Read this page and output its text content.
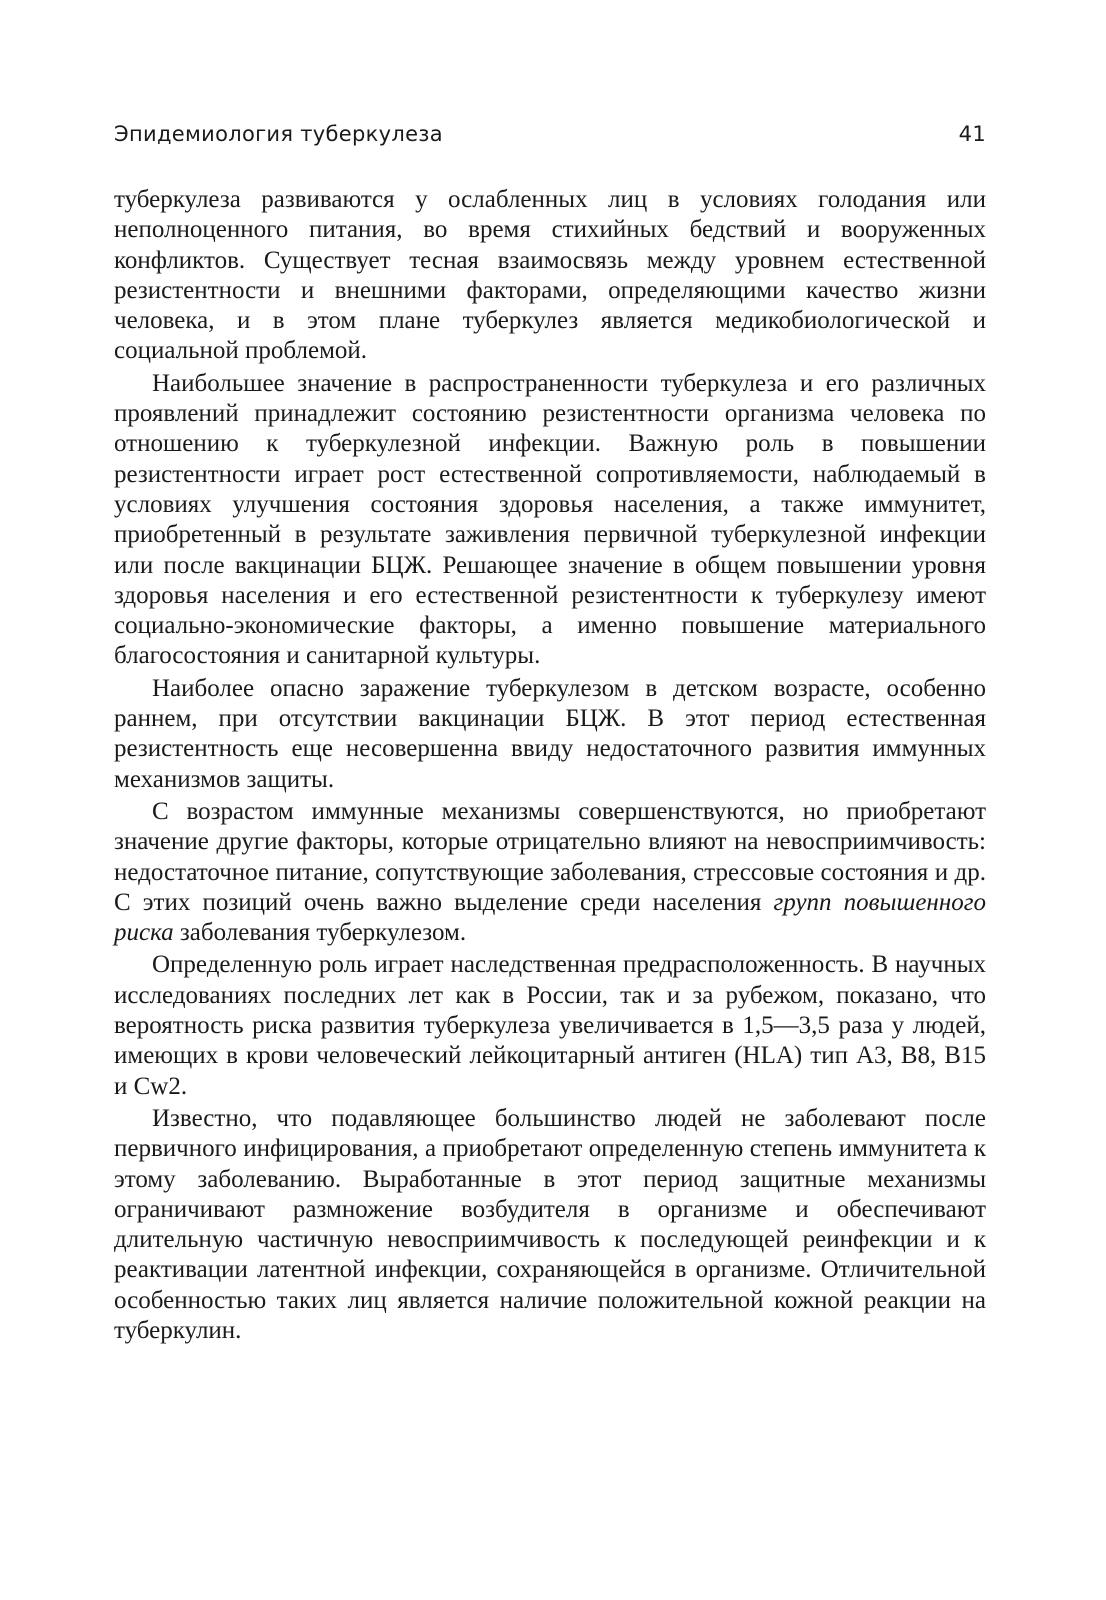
Эпидемиология туберкулеза	41

туберкулеза развиваются у ослабленных лиц в условиях голодания или неполноценного питания, во время стихийных бедствий и вооруженных конфликтов. Существует тесная взаимосвязь между уровнем естественной резистентности и внешними факторами, определяющими качество жизни человека, и в этом плане туберкулез является медикобиологической и социальной проблемой.

Наибольшее значение в распространенности туберкулеза и его различных проявлений принадлежит состоянию резистентности организма человека по отношению к туберкулезной инфекции. Важную роль в повышении резистентности играет рост естественной сопротивляемости, наблюдаемый в условиях улучшения состояния здоровья населения, а также иммунитет, приобретенный в результате заживления первичной туберкулезной инфекции или после вакцинации БЦЖ. Решающее значение в общем повышении уровня здоровья населения и его естественной резистентности к туберкулезу имеют социально-экономические факторы, а именно повышение материального благосостояния и санитарной культуры.

Наиболее опасно заражение туберкулезом в детском возрасте, особенно раннем, при отсутствии вакцинации БЦЖ. В этот период естественная резистентность еще несовершенна ввиду недостаточного развития иммунных механизмов защиты.

С возрастом иммунные механизмы совершенствуются, но приобретают значение другие факторы, которые отрицательно влияют на невосприимчивость: недостаточное питание, сопутствующие заболевания, стрессовые состояния и др. С этих позиций очень важно выделение среди населения групп повышенного риска заболевания туберкулезом.

Определенную роль играет наследственная предрасположенность. В научных исследованиях последних лет как в России, так и за рубежом, показано, что вероятность риска развития туберкулеза увеличивается в 1,5—3,5 раза у людей, имеющих в крови человеческий лейкоцитарный антиген (HLA) тип А3, В8, В15 и Cw2.

Известно, что подавляющее большинство людей не заболевают после первичного инфицирования, а приобретают определенную степень иммунитета к этому заболеванию. Выработанные в этот период защитные механизмы ограничивают размножение возбудителя в организме и обеспечивают длительную частичную невосприимчивость к последующей реинфекции и к реактивации латентной инфекции, сохраняющейся в организме. Отличительной особенностью таких лиц является наличие положительной кожной реакции на туберкулин.
